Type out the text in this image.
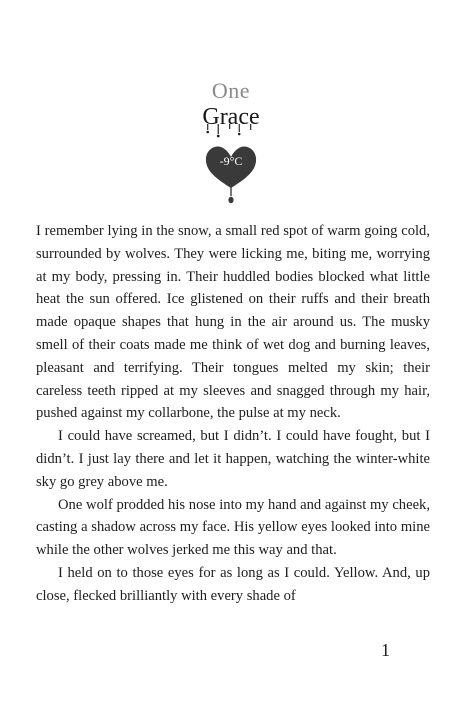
One
Grace
-9°C

I remember lying in the snow, a small red spot of warm going cold, surrounded by wolves. They were licking me, biting me, worrying at my body, pressing in. Their huddled bodies blocked what little heat the sun offered. Ice glistened on their ruffs and their breath made opaque shapes that hung in the air around us. The musky smell of their coats made me think of wet dog and burning leaves, pleasant and terrifying. Their tongues melted my skin; their careless teeth ripped at my sleeves and snagged through my hair, pushed against my collarbone, the pulse at my neck.

I could have screamed, but I didn’t. I could have fought, but I didn’t. I just lay there and let it happen, watching the winter-white sky go grey above me.

One wolf prodded his nose into my hand and against my cheek, casting a shadow across my face. His yellow eyes looked into mine while the other wolves jerked me this way and that.

I held on to those eyes for as long as I could. Yellow. And, up close, flecked brilliantly with every shade of

1
